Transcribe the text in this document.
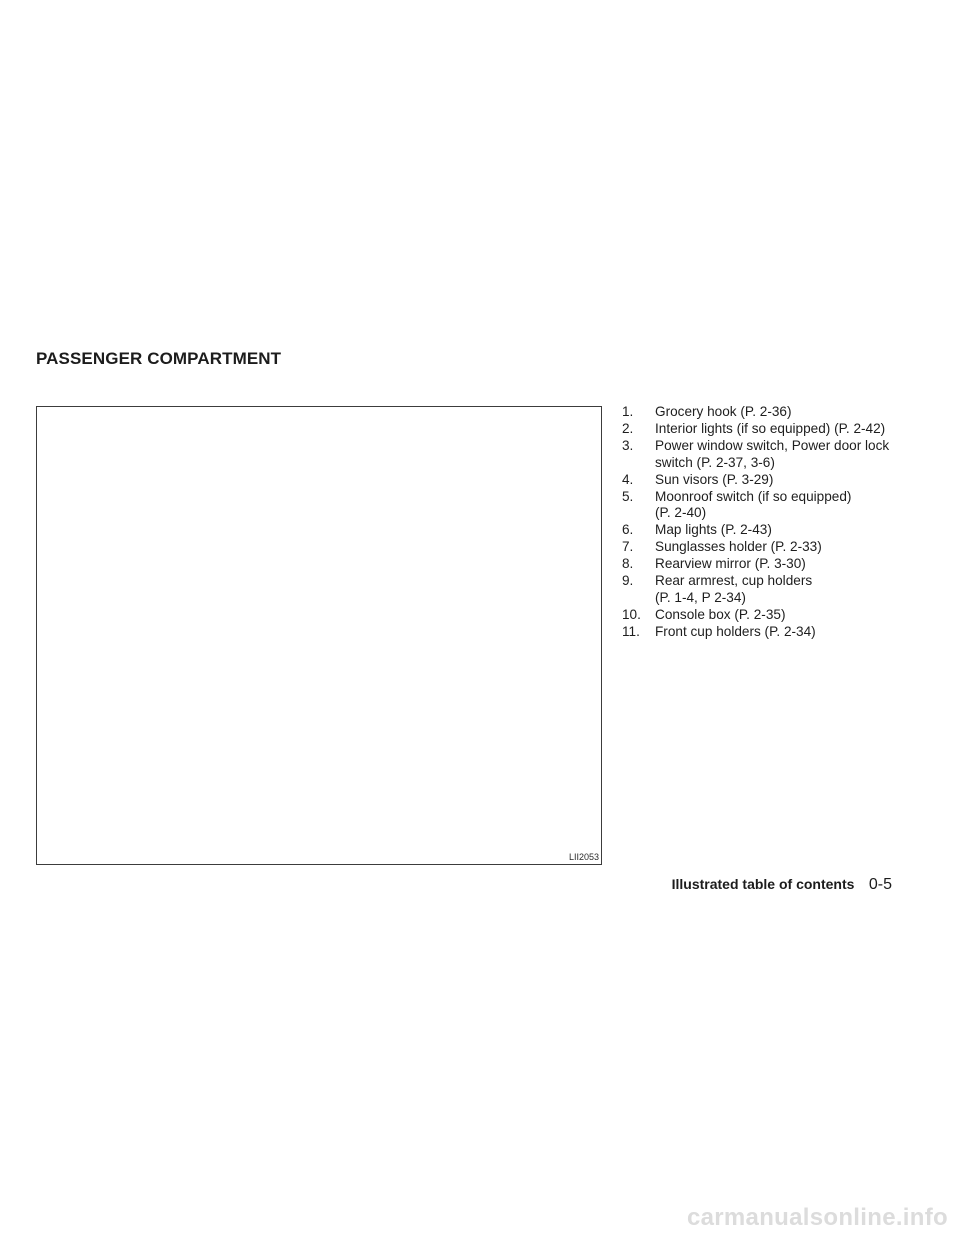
PASSENGER COMPARTMENT
LII2053
1.	Grocery hook (P. 2-36)
2.	Interior lights (if so equipped) (P. 2-42)
3.	Power window switch, Power door lock
switch (P. 2-37, 3-6)
4.	Sun visors (P. 3-29)
5.	Moonroof switch (if so equipped)
(P. 2-40)
6.	Map lights (P. 2-43)
7.	Sunglasses holder (P. 2-33)
8.	Rearview mirror (P. 3-30)
9.	Rear armrest, cup holders
(P. 1-4, P 2-34)
10.	Console box (P. 2-35)
11.	Front cup holders (P. 2-34)
Illustrated table of contents 0-5
carmanualsonline.info
